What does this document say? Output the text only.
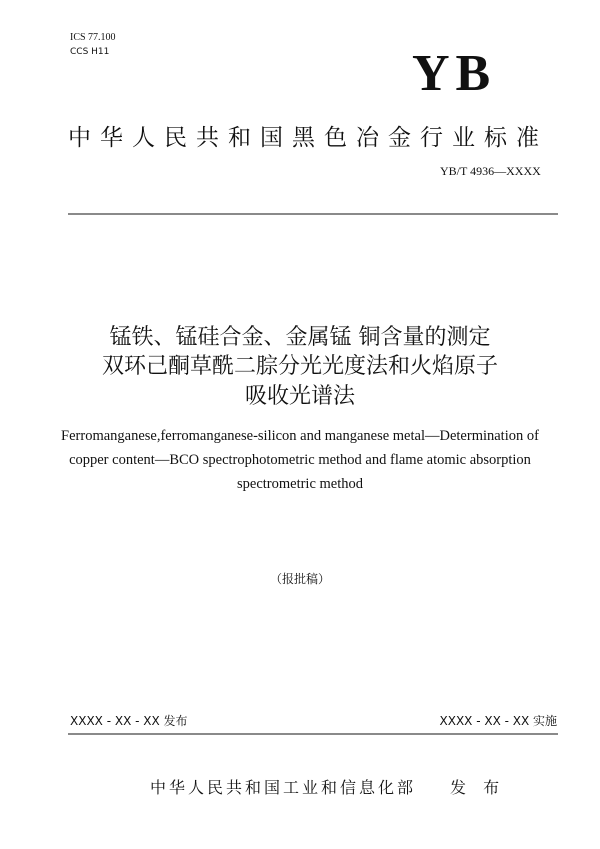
ICS 77.100
CCS H11	YB
中华人民共和国黑色冶金行业标准
YB/T 4936—XXXX
锰铁、锰硅合金、金属锰 铜含量的测定
双环己酮草酰二腙分光光度法和火焰原子
吸收光谱法
Ferromanganese,ferromanganese-silicon and manganese metal—Determination of
copper content—BCO spectrophotometric method and flame atomic absorption
spectrometric method
（报批稿）
XXXX - XX - XX 发布	XXXX - XX - XX 实施
中华人民共和国工业和信息化部 发 布
